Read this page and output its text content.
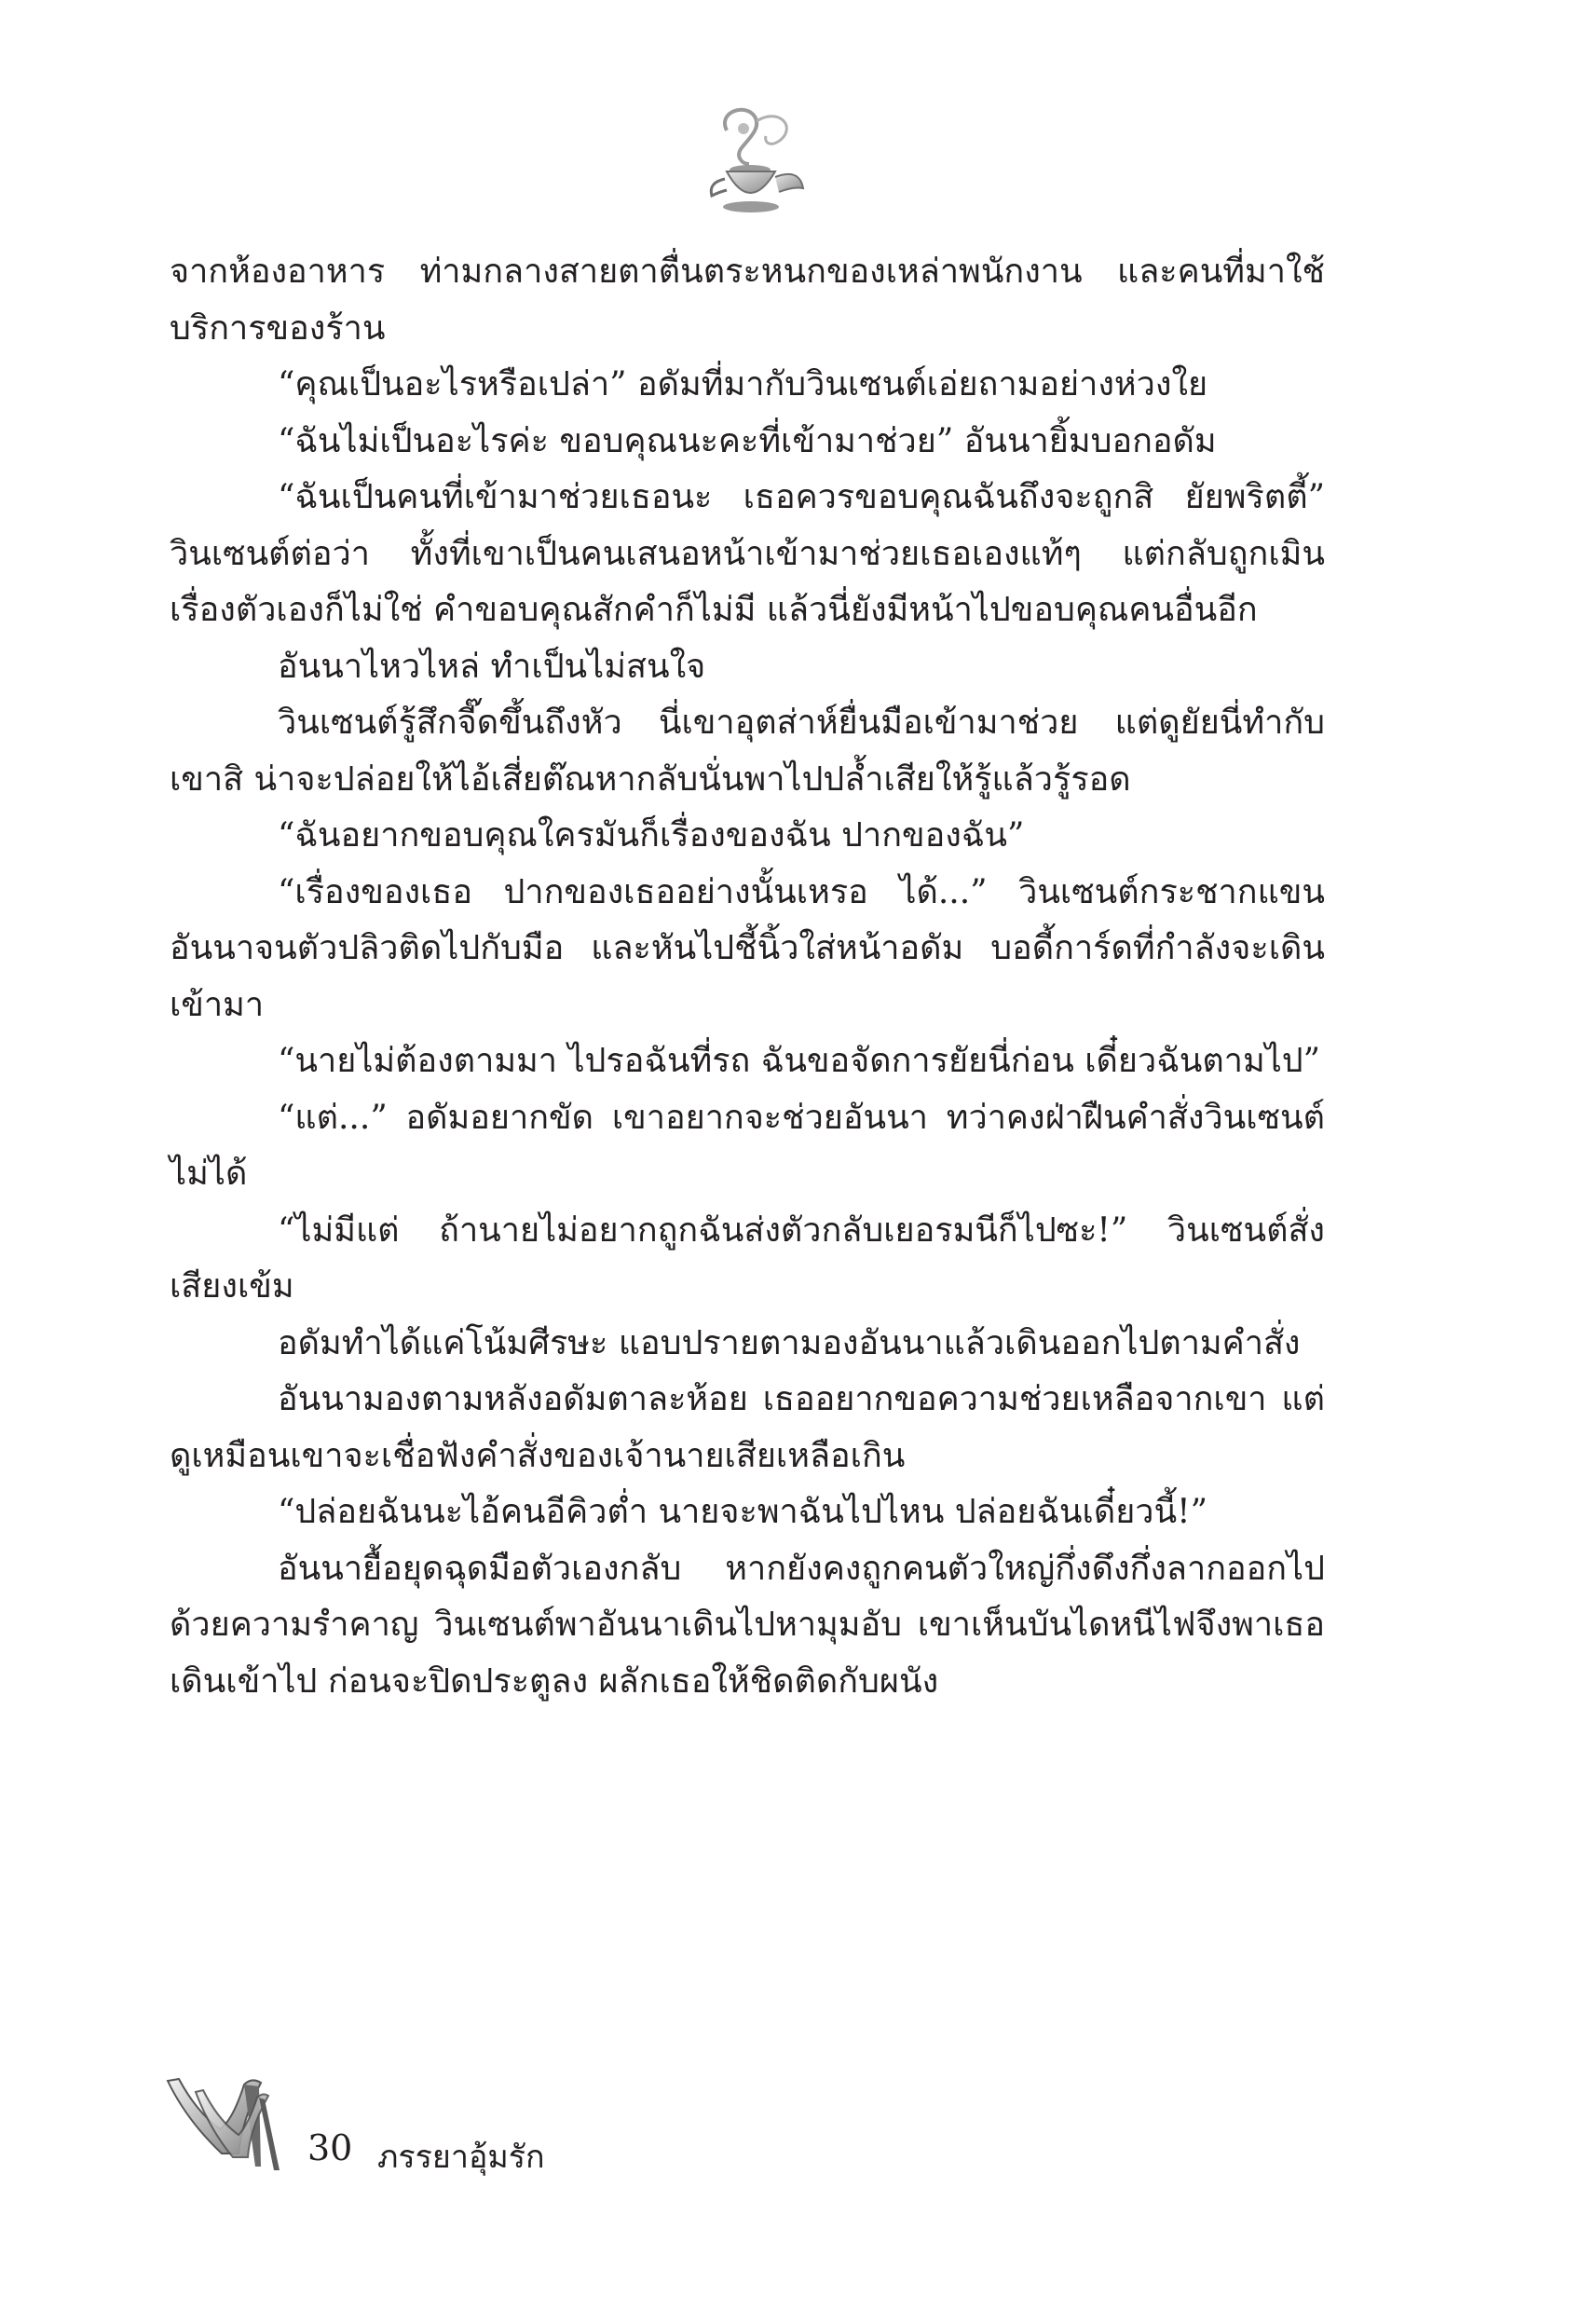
จากห้องอาหาร ท่ามกลางสายตาตื่นตระหนกของเหล่าพนักงาน และคนที่มาใช้บริการของร้าน

“คุณเป็นอะไรหรือเปล่า” อดัมที่มากับวินเซนต์เอ่ยถามอย่างห่วงใย

“ฉันไม่เป็นอะไรค่ะ ขอบคุณนะคะที่เข้ามาช่วย” อันนายิ้มบอกอดัม

“ฉันเป็นคนที่เข้ามาช่วยเธอนะ เธอควรขอบคุณฉันถึงจะถูกสิ ยัยพริตตี้” วินเซนต์ต่อว่า ทั้งที่เขาเป็นคนเสนอหน้าเข้ามาช่วยเธอเองแท้ๆ แต่กลับถูกเมิน เรื่องตัวเองก็ไม่ใช่ คำขอบคุณสักคำก็ไม่มี แล้วนี่ยังมีหน้าไปขอบคุณคนอื่นอีก

อันนาไหวไหล่ ทำเป็นไม่สนใจ

วินเซนต์รู้สึกจี๊ดขึ้นถึงหัว นี่เขาอุตส่าห์ยื่นมือเข้ามาช่วย แต่ดูยัยนี่ทำกับเขาสิ น่าจะปล่อยให้ไอ้เสี่ยต๊ณหากลับนั่นพาไปปล้ำเสียให้รู้แล้วรู้รอด

“ฉันอยากขอบคุณใครมันก็เรื่องของฉัน ปากของฉัน”

“เรื่องของเธอ ปากของเธออย่างนั้นเหรอ ได้...” วินเซนต์กระชากแขนอันนาจนตัวปลิวติดไปกับมือ และหันไปชี้นิ้วใส่หน้าอดัม บอดี้การ์ดที่กำลังจะเดินเข้ามา

“นายไม่ต้องตามมา ไปรอฉันที่รถ ฉันขอจัดการยัยนี่ก่อน เดี๋ยวฉันตามไป”

“แต่...” อดัมอยากขัด เขาอยากจะช่วยอันนา ทว่าคงฝ่าฝืนคำสั่งวินเซนต์ไม่ได้

“ไม่มีแต่ ถ้านายไม่อยากถูกฉันส่งตัวกลับเยอรมนีก็ไปซะ!” วินเซนต์สั่งเสียงเข้ม

อดัมทำได้แค่โน้มศีรษะ แอบปรายตามองอันนาแล้วเดินออกไปตามคำสั่ง

อันนามองตามหลังอดัมตาละห้อย เธออยากขอความช่วยเหลือจากเขา แต่ดูเหมือนเขาจะเชื่อฟังคำสั่งของเจ้านายเสียเหลือเกิน

“ปล่อยฉันนะไอ้คนอีคิวต่ำ นายจะพาฉันไปไหน ปล่อยฉันเดี๋ยวนี้!”

อันนายื้อยุดฉุดมือตัวเองกลับ หากยังคงถูกคนตัวใหญ่กึ่งดึงกึ่งลากออกไปด้วยความรำคาญ วินเซนต์พาอันนาเดินไปหามุมอับ เขาเห็นบันไดหนีไฟจึงพาเธอเดินเข้าไป ก่อนจะปิดประตูลง ผลักเธอให้ชิดติดกับผนัง

30 ภรรยาอุ้มรัก
